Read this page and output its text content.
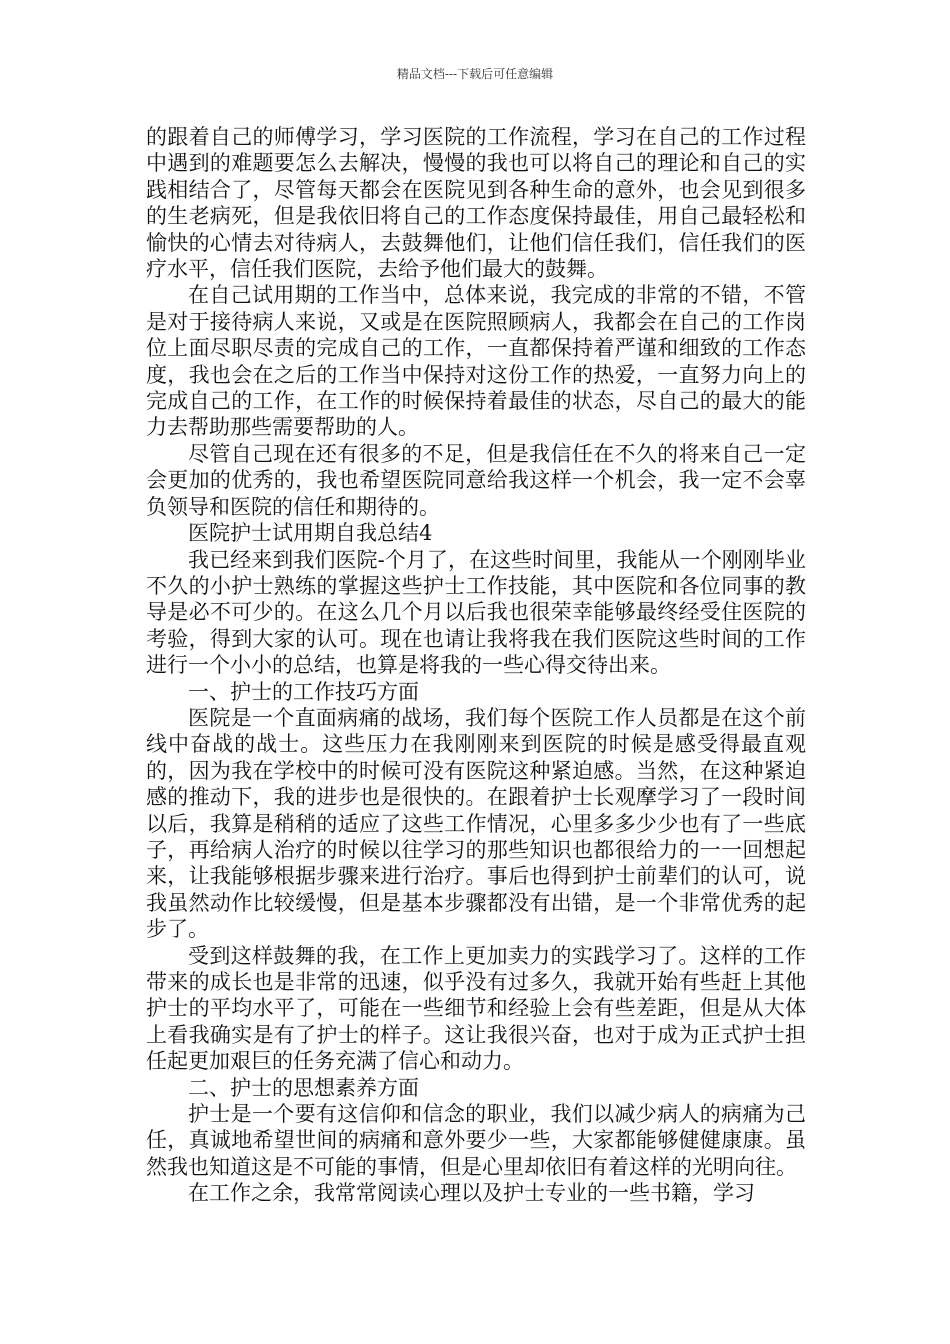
精品文档---下载后可任意编辑

的跟着自己的师傅学习，学习医院的工作流程，学习在自己的工作过程中遇到的难题要怎么去解决，慢慢的我也可以将自己的理论和自己的实践相结合了，尽管每天都会在医院见到各种生命的意外，也会见到很多的生老病死，但是我依旧将自己的工作态度保持最佳，用自己最轻松和愉快的心情去对待病人，去鼓舞他们，让他们信任我们，信任我们的医疗水平，信任我们医院，去给予他们最大的鼓舞。

在自己试用期的工作当中，总体来说，我完成的非常的不错，不管是对于接待病人来说，又或是在医院照顾病人，我都会在自己的工作岗位上面尽职尽责的完成自己的工作，一直都保持着严谨和细致的工作态度，我也会在之后的工作当中保持对这份工作的热爱，一直努力向上的完成自己的工作，在工作的时候保持着最佳的状态，尽自己的最大的能力去帮助那些需要帮助的人。

尽管自己现在还有很多的不足，但是我信任在不久的将来自己一定会更加的优秀的，我也希望医院同意给我这样一个机会，我一定不会辜负领导和医院的信任和期待的。

医院护士试用期自我总结4

我已经来到我们医院-个月了，在这些时间里，我能从一个刚刚毕业不久的小护士熟练的掌握这些护士工作技能，其中医院和各位同事的教导是必不可少的。在这么几个月以后我也很荣幸能够最终经受住医院的考验，得到大家的认可。现在也请让我将我在我们医院这些时间的工作进行一个小小的总结，也算是将我的一些心得交待出来。

一、护士的工作技巧方面

医院是一个直面病痛的战场，我们每个医院工作人员都是在这个前线中奋战的战士。这些压力在我刚刚来到医院的时候是感受得最直观的，因为我在学校中的时候可没有医院这种紧迫感。当然，在这种紧迫感的推动下，我的进步也是很快的。在跟着护士长观摩学习了一段时间以后，我算是稍稍的适应了这些工作情况，心里多多少少也有了一些底子，再给病人治疗的时候以往学习的那些知识也都很给力的一一回想起来，让我能够根据步骤来进行治疗。事后也得到护士前辈们的认可，说我虽然动作比较缓慢，但是基本步骤都没有出错，是一个非常优秀的起步了。

受到这样鼓舞的我，在工作上更加卖力的实践学习了。这样的工作带来的成长也是非常的迅速，似乎没有过多久，我就开始有些赶上其他护士的平均水平了，可能在一些细节和经验上会有些差距，但是从大体上看我确实是有了护士的样子。这让我很兴奋，也对于成为正式护士担任起更加艰巨的任务充满了信心和动力。

二、护士的思想素养方面

护士是一个要有这信仰和信念的职业，我们以减少病人的病痛为己任，真诚地希望世间的病痛和意外要少一些，大家都能够健健康康。虽然我也知道这是不可能的事情，但是心里却依旧有着这样的光明向往。

在工作之余，我常常阅读心理以及护士专业的一些书籍，学习
